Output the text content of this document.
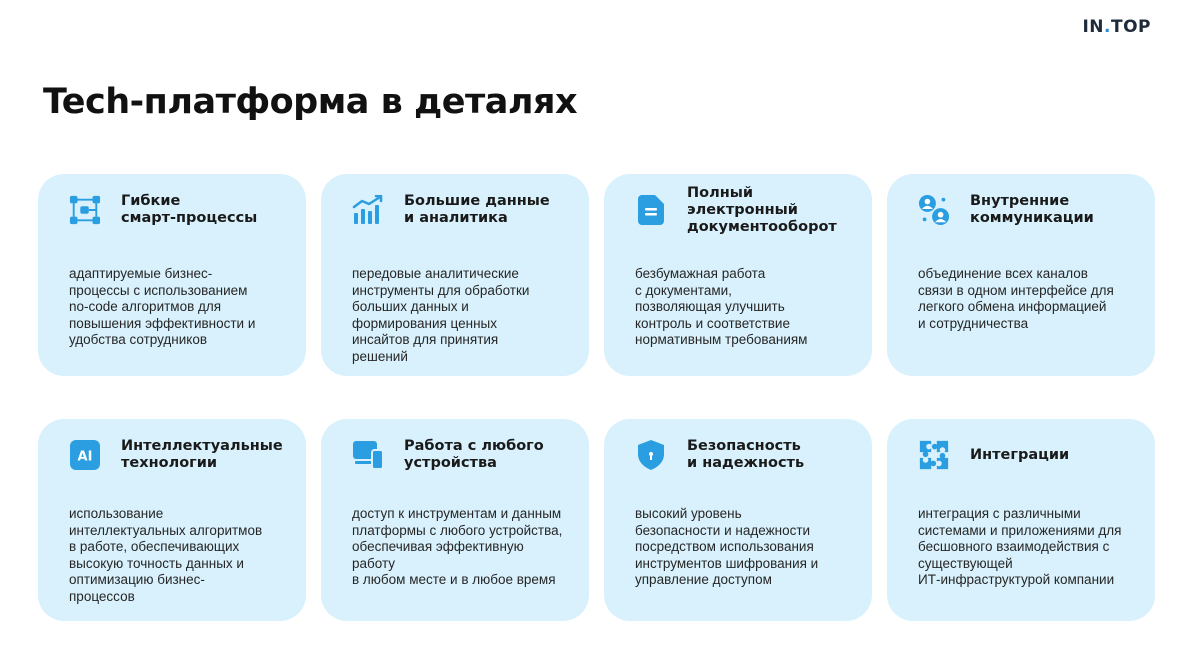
IN.TOP
Tech-платформа в деталях
Гибкие
смарт-процессы
адаптируемые бизнес-
процессы с использованием
no-code алгоритмов для
повышения эффективности и
удобства сотрудников
Большие данные
и аналитика
передовые аналитические
инструменты для обработки
больших данных и
формирования ценных
инсайтов для принятия
решений
Полный электронный
документооборот
безбумажная работа
с документами,
позволяющая улучшить
контроль и соответствие
нормативным требованиям
Внутренние
коммуникации
объединение всех каналов
связи в одном интерфейсе для
легкого обмена информацией
и сотрудничества
AI
Интеллектуальные
технологии
использование
интеллектуальных алгоритмов
в работе, обеспечивающих
высокую точность данных и
оптимизацию бизнес-
процессов
Работа с любого
устройства
доступ к инструментам и данным
платформы с любого устройства,
обеспечивая эффективную работу
в любом месте и в любое время
Безопасность
и надежность
высокий уровень
безопасности и надежности
посредством использования
инструментов шифрования и
управление доступом
Интеграции
интеграция с различными
системами и приложениями для
бесшовного взаимодействия с
существующей
ИТ-инфраструктурой компании
